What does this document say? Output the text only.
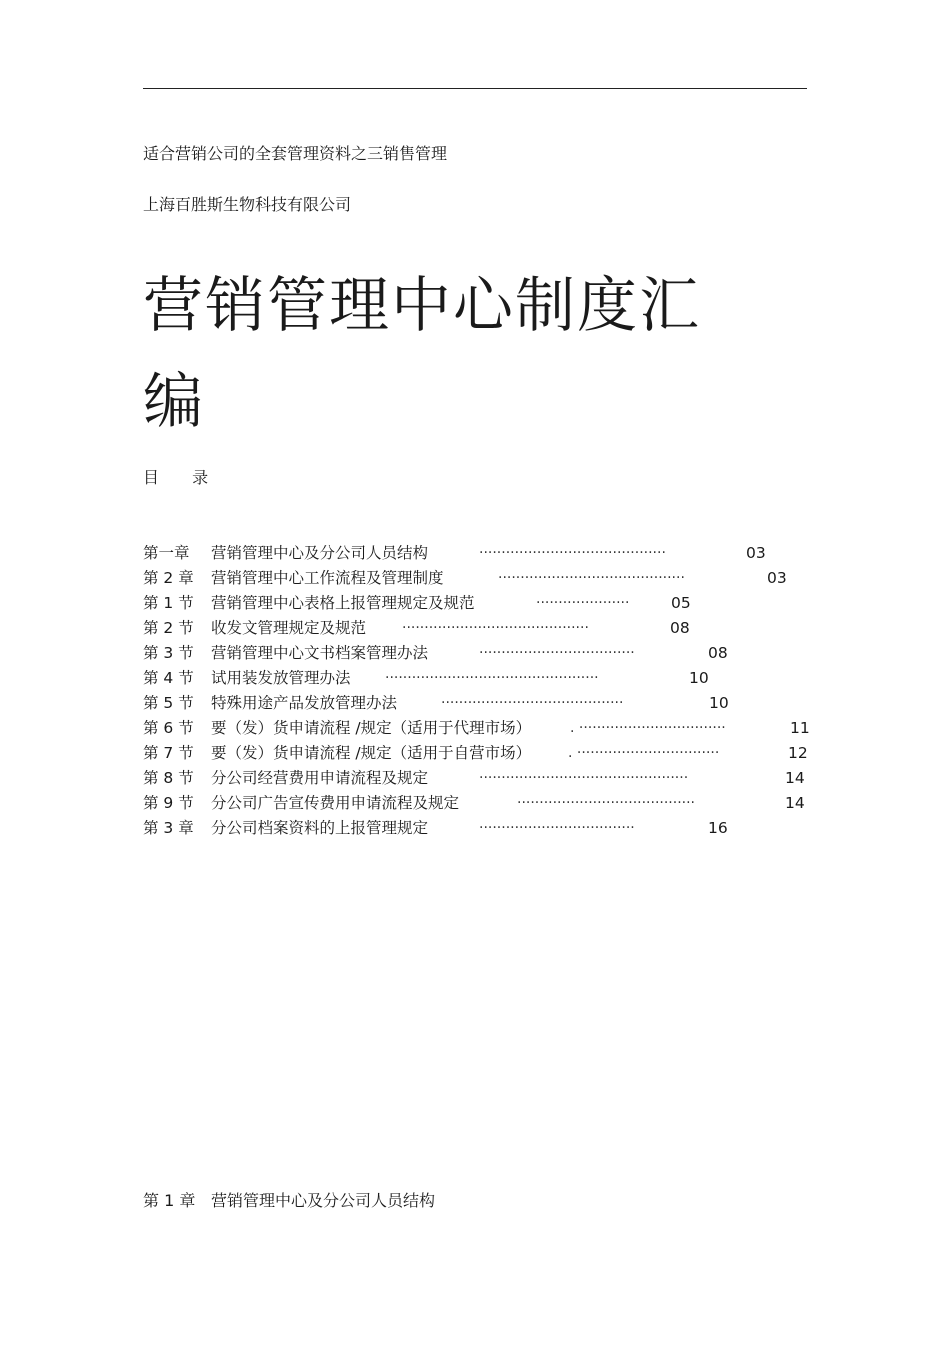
适合营销公司的全套管理资料之三销售管理
上海百胜斯生物科技有限公司
营销管理中心制度汇编
目 录
第一章 营销管理中心及分公司人员结构	··········································	03
第 2 章 营销管理中心工作流程及管理制度	··········································	03
第 1 节 营销管理中心表格上报管理规定及规范	·····················	05
第 2 节 收发文管理规定及规范	··········································	08
第 3 节 营销管理中心文书档案管理办法	···································	08
第 4 节 试用装发放管理办法 ················································	10
第 5 节 特殊用途产品发放管理办法	·········································	10
第 6 节 要（发）货申请流程 /规定（适用于代理市场）	. ·································	11
第 7 节 要（发）货申请流程 /规定（适用于自营市场）	. ································	12
第 8 节 分公司经营费用申请流程及规定	···············································	14
第 9 节 分公司广告宣传费用申请流程及规定	········································	14
第 3 章 分公司档案资料的上报管理规定	···································	16
第 1 章 营销管理中心及分公司人员结构
